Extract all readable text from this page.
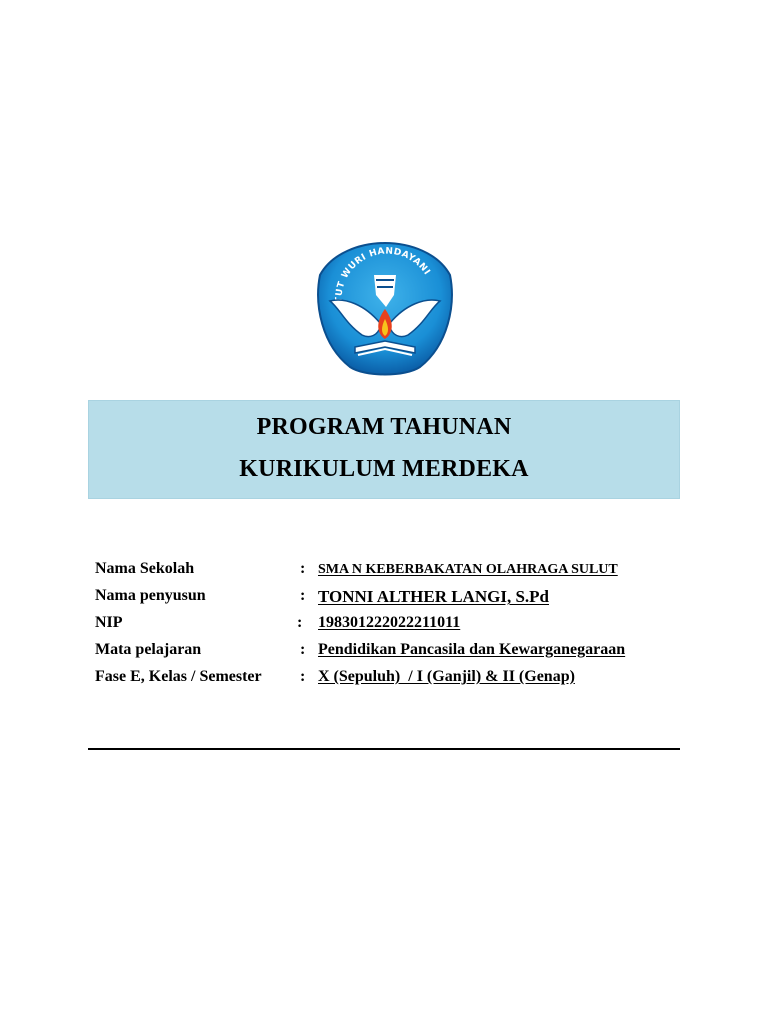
UT WURI HANDAYANI
PROGRAM TAHUNAN
KURIKULUM MERDEKA
Nama Sekolah	: SMA N KEBERBAKATAN OLAHRAGA SULUT
Nama penyusun	: TONNI ALTHER LANGI, S.Pd
NIP	: 198301222022211011
Mata pelajaran	: Pendidikan Pancasila dan Kewarganegaraan
Fase E, Kelas / Semester : X (Sepuluh)  / I (Ganjil) & II (Genap)
